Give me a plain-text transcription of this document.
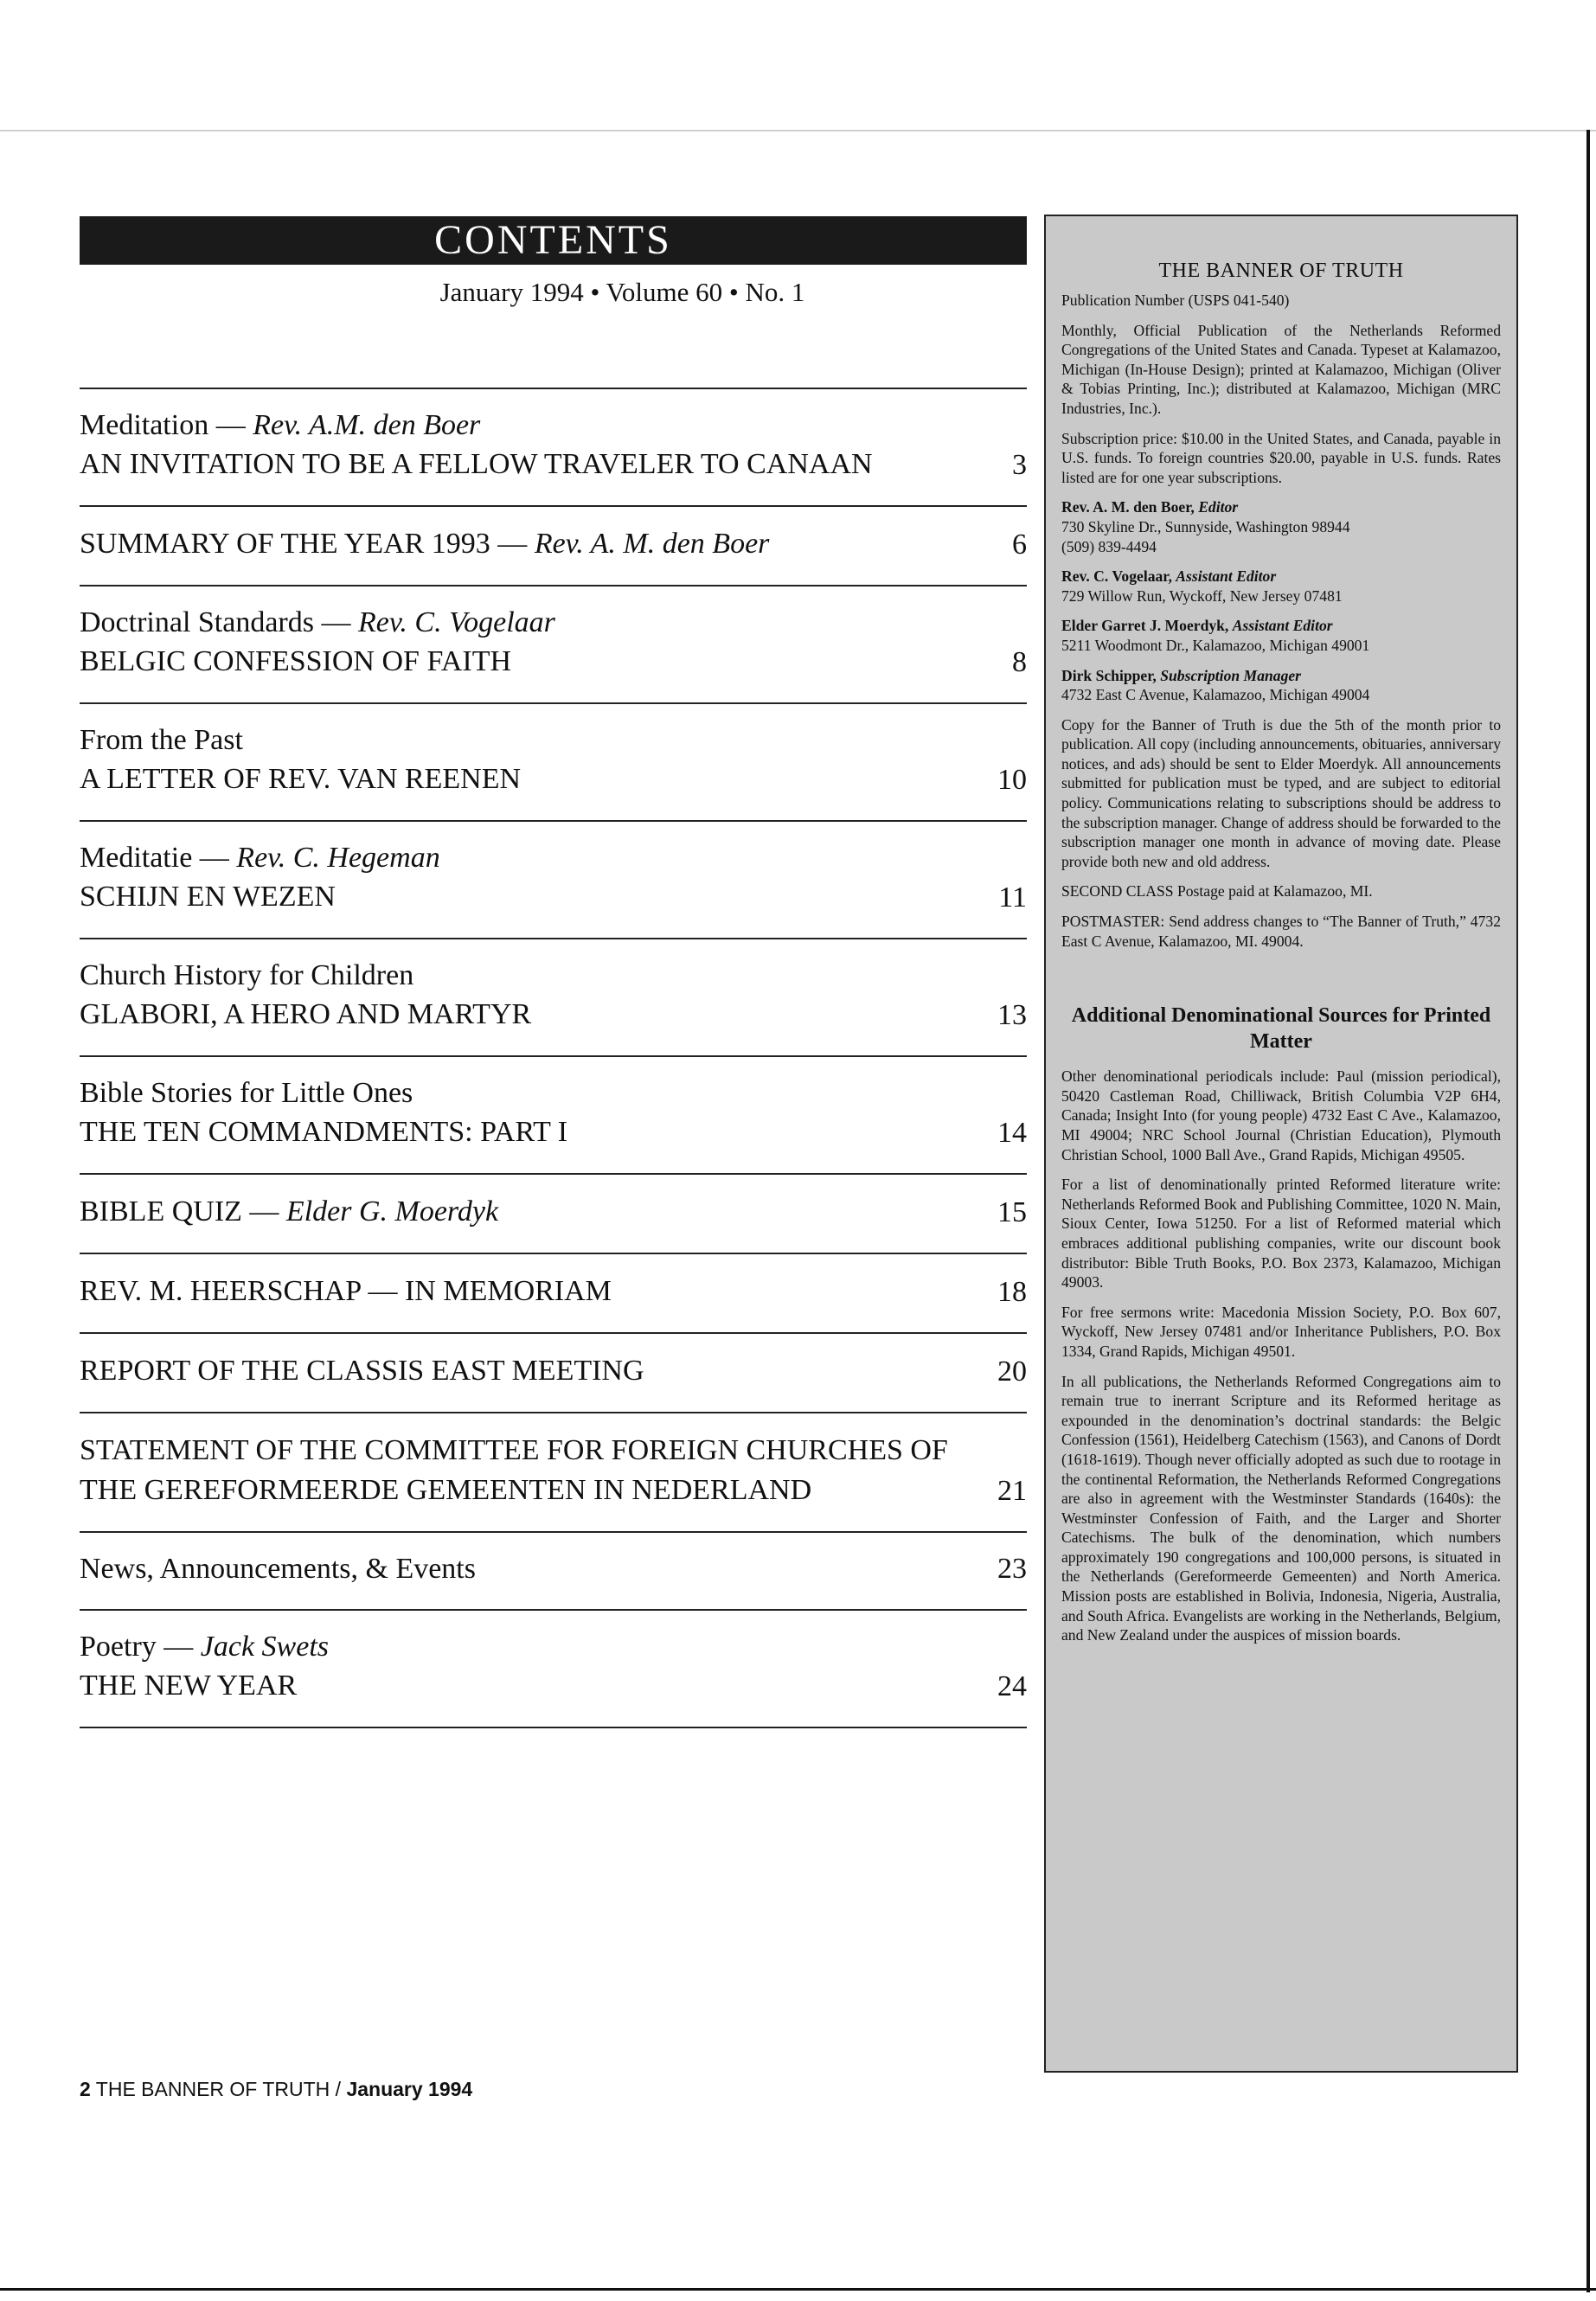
CONTENTS
January 1994 • Volume 60 • No. 1
Meditation — Rev. A.M. den Boer
AN INVITATION TO BE A FELLOW TRAVELER TO CANAAN	3
SUMMARY OF THE YEAR 1993 — Rev. A. M. den Boer	6
Doctrinal Standards — Rev. C. Vogelaar
BELGIC CONFESSION OF FAITH	8
From the Past
A LETTER OF REV. VAN REENEN	10
Meditatie — Rev. C. Hegeman
SCHIJN EN WEZEN	11
Church History for Children
GLABORI, A HERO AND MARTYR	13
Bible Stories for Little Ones
THE TEN COMMANDMENTS: PART I	14
BIBLE QUIZ — Elder G. Moerdyk	15
REV. M. HEERSCHAP — IN MEMORIAM	18
REPORT OF THE CLASSIS EAST MEETING	20
STATEMENT OF THE COMMITTEE FOR FOREIGN CHURCHES OF THE GEREFORMEERDE GEMEENTEN IN NEDERLAND	21
News, Announcements, & Events	23
Poetry — Jack Swets
THE NEW YEAR	24
THE BANNER OF TRUTH

Publication Number (USPS 041-540)

Monthly, Official Publication of the Netherlands Reformed Congregations of the United States and Canada. Typeset at Kalamazoo, Michigan (In-House Design); printed at Kalamazoo, Michigan (Oliver & Tobias Printing, Inc.); distributed at Kalamazoo, Michigan (MRC Industries, Inc.).

Subscription price: $10.00 in the United States, and Canada, payable in U.S. funds. To foreign countries $20.00, payable in U.S. funds. Rates listed are for one year subscriptions.

Rev. A. M. den Boer, Editor
730 Skyline Dr., Sunnyside, Washington 98944
(509) 839-4494

Rev. C. Vogelaar, Assistant Editor
729 Willow Run, Wyckoff, New Jersey 07481

Elder Garret J. Moerdyk, Assistant Editor
5211 Woodmont Dr., Kalamazoo, Michigan 49001

Dirk Schipper, Subscription Manager
4732 East C Avenue, Kalamazoo, Michigan 49004

Copy for the Banner of Truth is due the 5th of the month prior to publication. All copy (including announcements, obituaries, anniversary notices, and ads) should be sent to Elder Moerdyk. All announcements submitted for publication must be typed, and are subject to editorial policy. Communications relating to subscriptions should be address to the subscription manager. Change of address should be forwarded to the subscription manager one month in advance of moving date. Please provide both new and old address.

SECOND CLASS Postage paid at Kalamazoo, MI.

POSTMASTER: Send address changes to “The Banner of Truth,” 4732 East C Avenue, Kalamazoo, MI. 49004.

Additional Denominational Sources for Printed Matter

Other denominational periodicals include: Paul (mission periodical), 50420 Castleman Road, Chilliwack, British Columbia V2P 6H4, Canada; Insight Into (for young people) 4732 East C Ave., Kalamazoo, MI 49004; NRC School Journal (Christian Education), Plymouth Christian School, 1000 Ball Ave., Grand Rapids, Michigan 49505.

For a list of denominationally printed Reformed literature write: Netherlands Reformed Book and Publishing Committee, 1020 N. Main, Sioux Center, Iowa 51250. For a list of Reformed material which embraces additional publishing companies, write our discount book distributor: Bible Truth Books, P.O. Box 2373, Kalamazoo, Michigan 49003.

For free sermons write: Macedonia Mission Society, P.O. Box 607, Wyckoff, New Jersey 07481 and/or Inheritance Publishers, P.O. Box 1334, Grand Rapids, Michigan 49501.

In all publications, the Netherlands Reformed Congregations aim to remain true to inerrant Scripture and its Reformed heritage as expounded in the denomination’s doctrinal standards: the Belgic Confession (1561), Heidelberg Catechism (1563), and Canons of Dordt (1618-1619). Though never officially adopted as such due to rootage in the continental Reformation, the Netherlands Reformed Congregations are also in agreement with the Westminster Standards (1640s): the Westminster Confession of Faith, and the Larger and Shorter Catechisms. The bulk of the denomination, which numbers approximately 190 congregations and 100,000 persons, is situated in the Netherlands (Gereformeerde Gemeenten) and North America. Mission posts are established in Bolivia, Indonesia, Nigeria, Australia, and South Africa. Evangelists are working in the Netherlands, Belgium, and New Zealand under the auspices of mission boards.

2 THE BANNER OF TRUTH / January 1994
